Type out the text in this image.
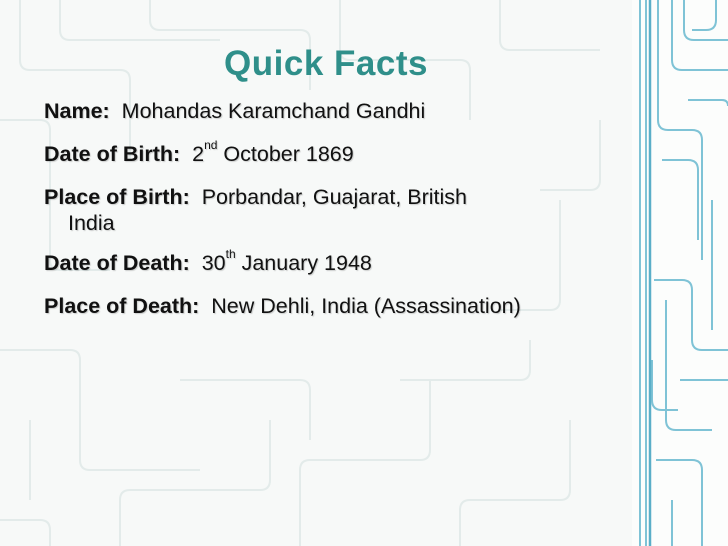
Quick Facts
Name: Mohandas Karamchand Gandhi
Date of Birth: 2nd October 1869
Place of Birth: Porbandar, Guajarat, British
India
Date of Death: 30th January 1948
Place of Death: New Dehli, India (Assassination)
